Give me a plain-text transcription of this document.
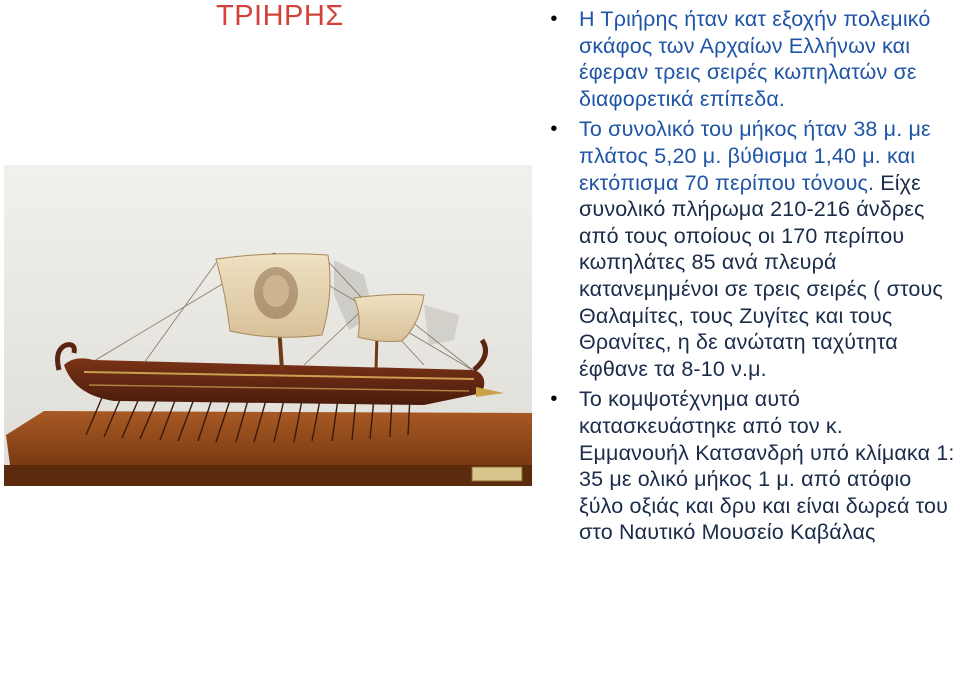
ΤΡΙΗΡΗΣ	• Η Τριήρης ήταν κατ εξοχήν πολεμικό σκάφος των Αρχαίων Ελλήνων και έφεραν τρεις σειρές κωπηλατών σε διαφορετικά επίπεδα.
• Το συνολικό του μήκος ήταν 38 μ. με πλάτος 5,20 μ. βύθισμα 1,40 μ. και εκτόπισμα 70 περίπου τόνους. Είχε συνολικό πλήρωμα 210-216 άνδρες από τους οποίους οι 170 περίπου κωπηλάτες 85 ανά πλευρά κατανεμημένοι σε τρεις σειρές ( στους Θαλαμίτες, τους Ζυγίτες και τους Θρανίτες, η δε ανώτατη ταχύτητα έφθανε τα 8-10 ν.μ.
• Το κομψοτέχνημα αυτό κατασκευάστηκε από τον κ. Εμμανουήλ Κατσανδρή υπό κλίμακα 1: 35 με ολικό μήκος 1 μ. από ατόφιο ξύλο οξιάς και δρυ και είναι δωρεά του στο Ναυτικό Μουσείο Καβάλας
